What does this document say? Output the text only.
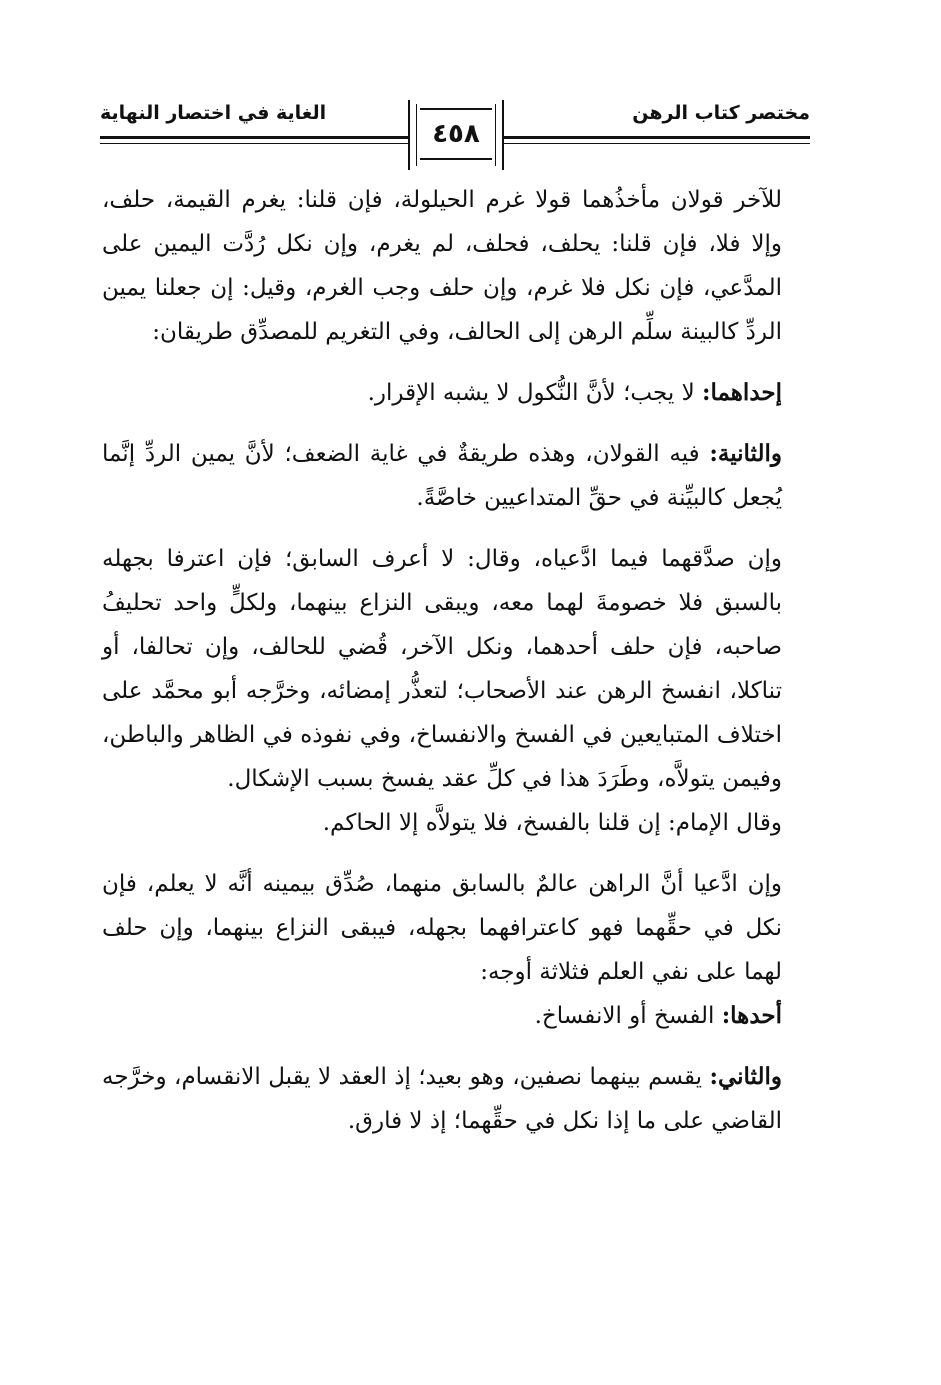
مختصر كتاب الرهن
الغاية في اختصار النهاية
٤٥٨

للآخر قولان مأخذُهما قولا غرم الحيلولة، فإن قلنا: يغرم القيمة، حلف، وإلا فلا، فإن قلنا: يحلف، فحلف، لم يغرم، وإن نكل رُدَّت اليمين على المدَّعي، فإن نكل فلا غرم، وإن حلف وجب الغرم، وقيل: إن جعلنا يمين الردِّ كالبينة سلِّم الرهن إلى الحالف، وفي التغريم للمصدِّق طريقان:

إحداهما: لا يجب؛ لأنَّ النُّكول لا يشبه الإقرار.

والثانية: فيه القولان، وهذه طريقةٌ في غاية الضعف؛ لأنَّ يمين الردِّ إنَّما يُجعل كالبيِّنة في حقِّ المتداعيين خاصَّةً.

وإن صدَّقهما فيما ادَّعياه، وقال: لا أعرف السابق؛ فإن اعترفا بجهله بالسبق فلا خصومةَ لهما معه، ويبقى النزاع بينهما، ولكلٍّ واحد تحليفُ صاحبه، فإن حلف أحدهما، ونكل الآخر، قُضي للحالف، وإن تحالفا، أو تناكلا، انفسخ الرهن عند الأصحاب؛ لتعذُّر إمضائه، وخرَّجه أبو محمَّد على اختلاف المتبايعين في الفسخ والانفساخ، وفي نفوذه في الظاهر والباطن، وفيمن يتولاَّه، وطَرَدَ هذا في كلِّ عقد يفسخ بسبب الإشكال.

وقال الإمام: إن قلنا بالفسخ، فلا يتولاَّه إلا الحاكم.

وإن ادَّعيا أنَّ الراهن عالمٌ بالسابق منهما، صُدِّق بيمينه أنَّه لا يعلم، فإن نكل في حقِّهما فهو كاعترافهما بجهله، فيبقى النزاع بينهما، وإن حلف لهما على نفي العلم فثلاثة أوجه:

أحدها: الفسخ أو الانفساخ.

والثاني: يقسم بينهما نصفين، وهو بعيد؛ إذ العقد لا يقبل الانقسام، وخرَّجه القاضي على ما إذا نكل في حقِّهما؛ إذ لا فارق.
